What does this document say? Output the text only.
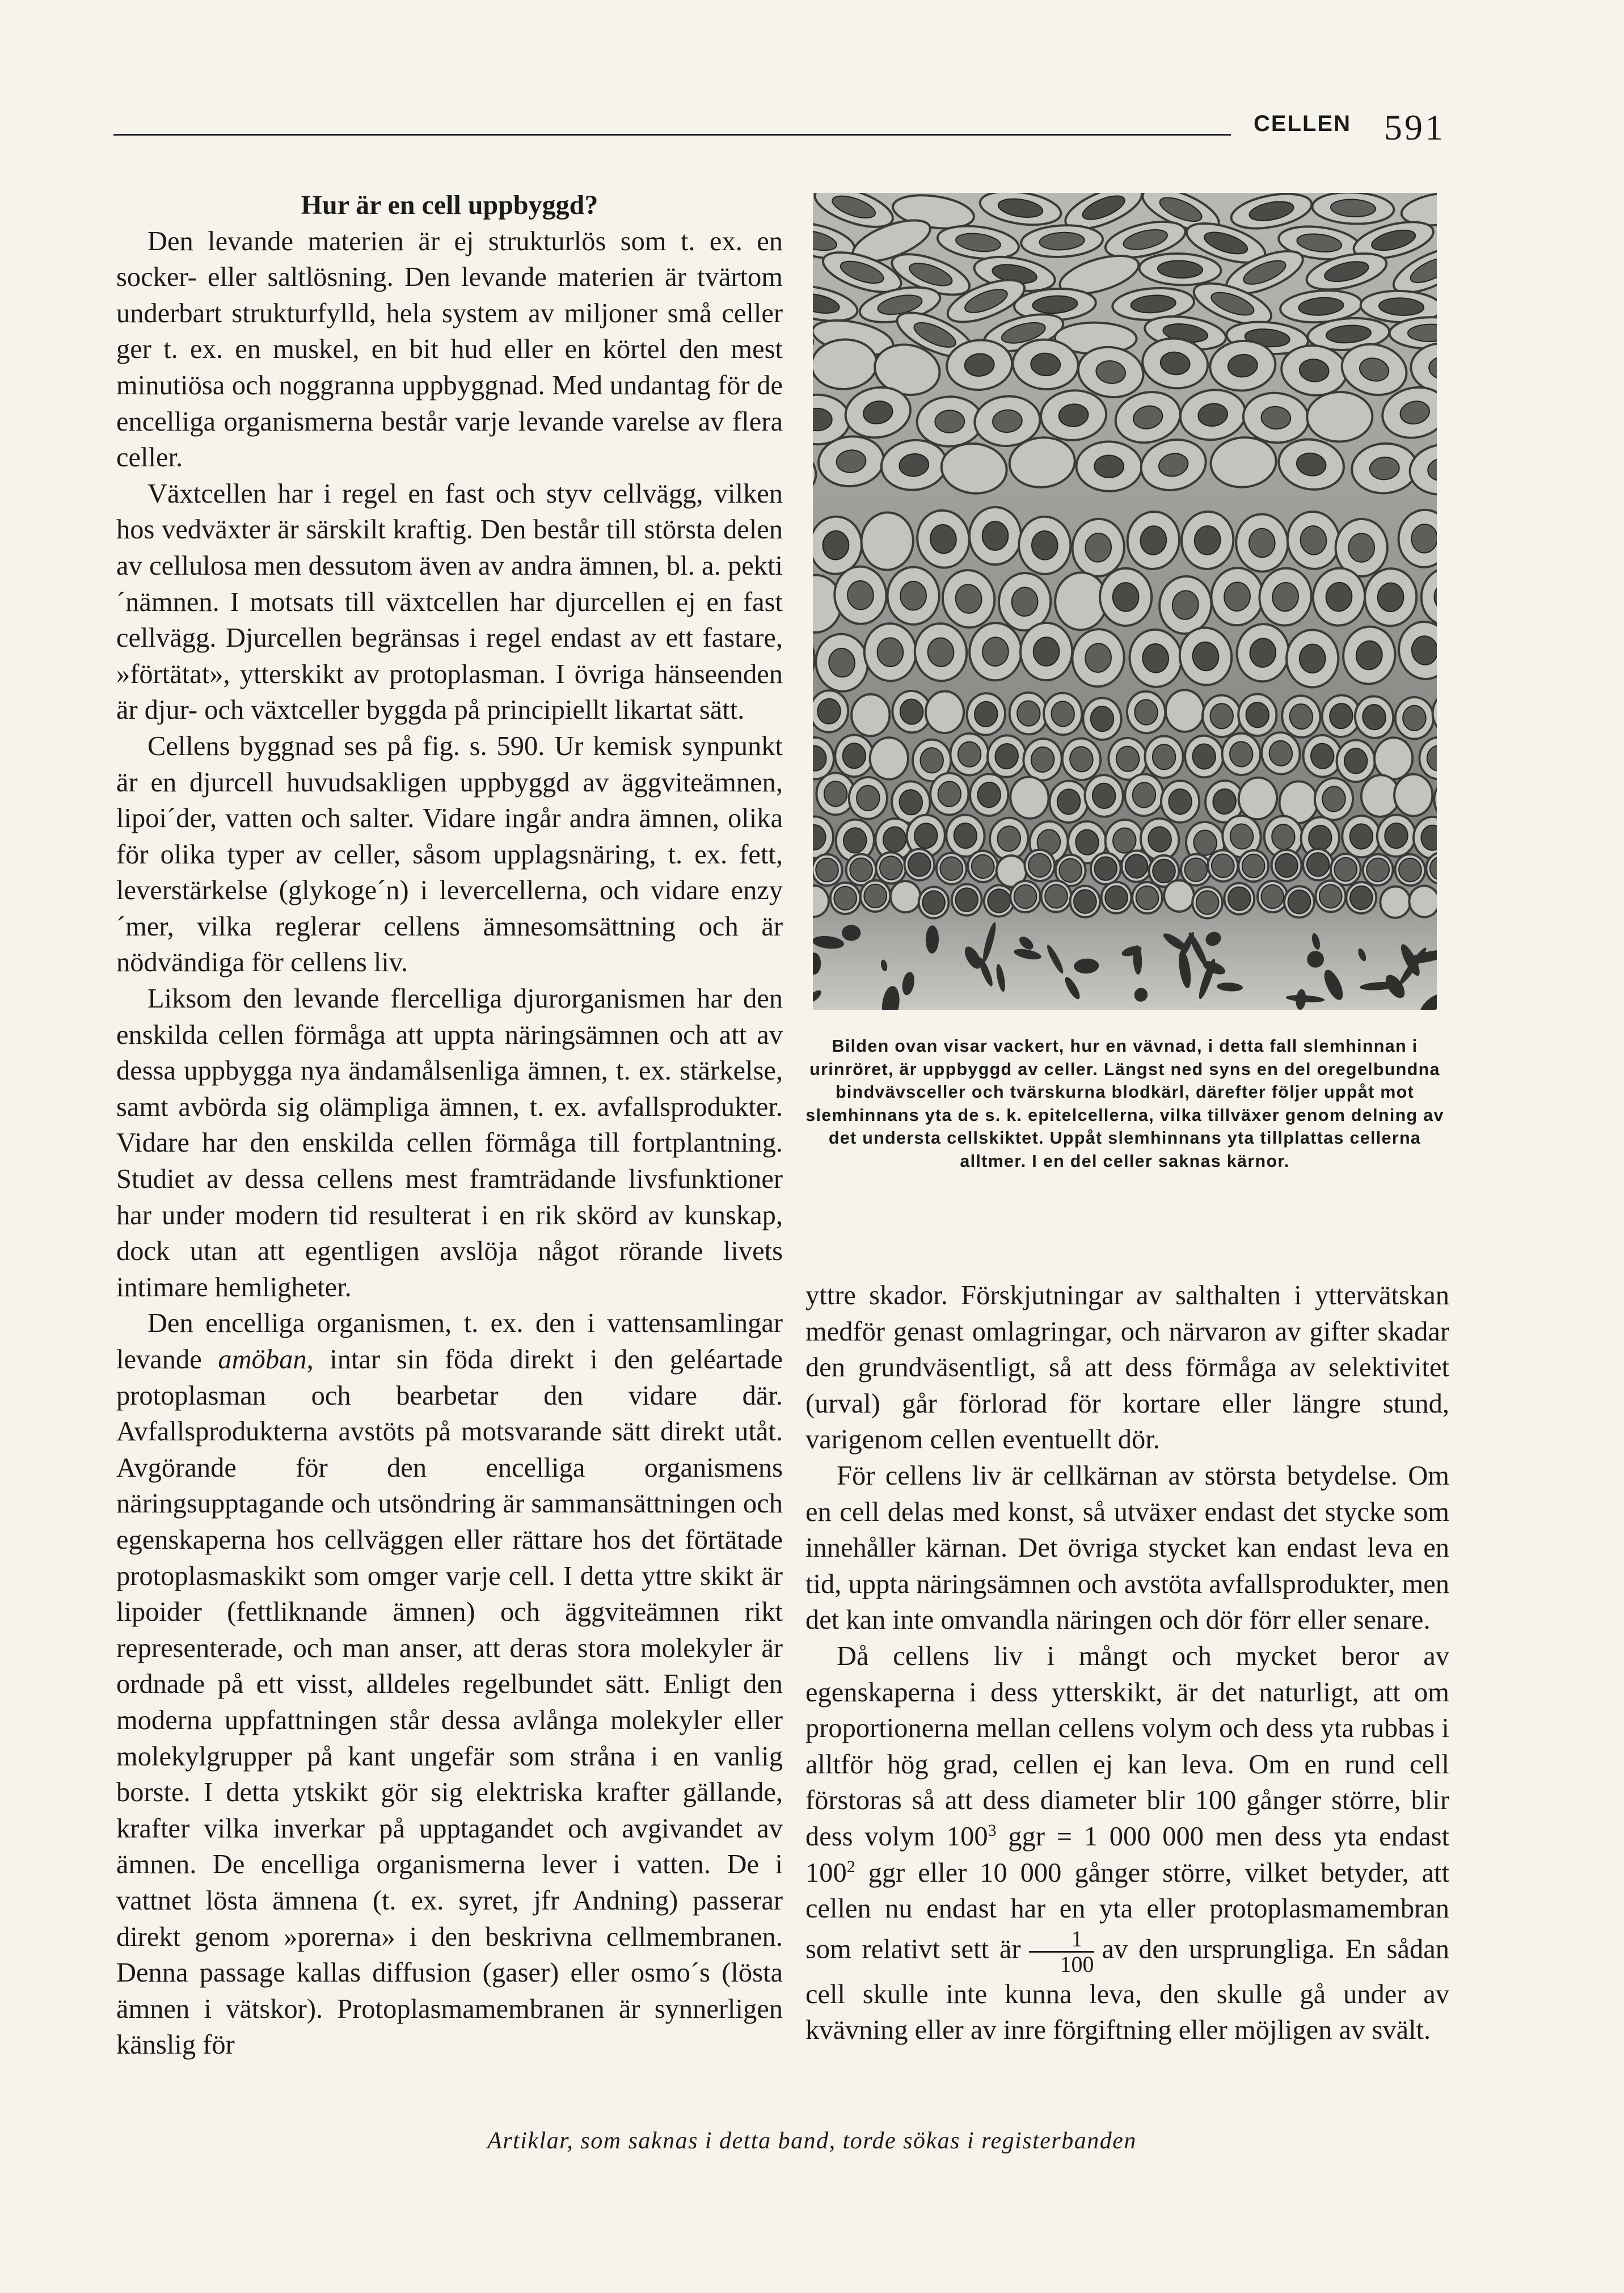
CELLEN 591
Hur är en cell uppbyggd?

Den levande materien är ej strukturlös som t. ex. en socker- eller saltlösning. Den levande materien är tvärtom underbart strukturfylld, hela system av miljoner små celler ger t. ex. en muskel, en bit hud eller en körtel den mest minutiösa och noggranna uppbyggnad. Med undantag för de encelliga organismerna består varje levande varelse av flera celler.

Växtcellen har i regel en fast och styv cellvägg, vilken hos vedväxter är särskilt kraftig. Den består till största delen av cellulosa men dessutom även av andra ämnen, bl. a. pekti´nämnen. I motsats till växtcellen har djurcellen ej en fast cellvägg. Djurcellen begränsas i regel endast av ett fastare, »förtätat», ytterskikt av protoplasman. I övriga hänseenden är djur- och växtceller byggda på principiellt likartat sätt.

Cellens byggnad ses på fig. s. 590. Ur kemisk synpunkt är en djurcell huvudsakligen uppbyggd av äggviteämnen, lipoi´der, vatten och salter. Vidare ingår andra ämnen, olika för olika typer av celler, såsom upplagsnäring, t. ex. fett, leverstärkelse (glykoge´n) i levercellerna, och vidare enzy´mer, vilka reglerar cellens ämnesomsättning och är nödvändiga för cellens liv.

Liksom den levande flercelliga djurorganismen har den enskilda cellen förmåga att uppta näringsämnen och att av dessa uppbygga nya ändamålsenliga ämnen, t. ex. stärkelse, samt avbörda sig olämpliga ämnen, t. ex. avfallsprodukter. Vidare har den enskilda cellen förmåga till fortplantning. Studiet av dessa cellens mest framträdande livsfunktioner har under modern tid resulterat i en rik skörd av kunskap, dock utan att egentligen avslöja något rörande livets intimare hemligheter.

Den encelliga organismen, t. ex. den i vattensamlingar levande amöban, intar sin föda direkt i den geléartade protoplasman och bearbetar den vidare där. Avfallsprodukterna avstöts på motsvarande sätt direkt utåt. Avgörande för den encelliga organismens näringsupptagande och utsöndring är sammansättningen och egenskaperna hos cellväggen eller rättare hos det förtätade protoplasmaskikt som omger varje cell. I detta yttre skikt är lipoider (fettliknande ämnen) och äggviteämnen rikt representerade, och man anser, att deras stora molekyler är ordnade på ett visst, alldeles regelbundet sätt. Enligt den moderna uppfattningen står dessa avlånga molekyler eller molekylgrupper på kant ungefär som stråna i en vanlig borste. I detta ytskikt gör sig elektriska krafter gällande, krafter vilka inverkar på upptagandet och avgivandet av ämnen. De encelliga organismerna lever i vatten. De i vattnet lösta ämnena (t. ex. syret, jfr Andning) passerar direkt genom »porerna» i den beskrivna cellmembranen. Denna passage kallas diffusion (gaser) eller osmo´s (lösta ämnen i vätskor). Protoplasmamembranen är synnerligen känslig för

Bilden ovan visar vackert, hur en vävnad, i detta fall slemhinnan i urinröret, är uppbyggd av celler. Längst ned syns en del oregelbundna bindvävsceller och tvärskurna blodkärl, därefter följer uppåt mot slemhinnans yta de s. k. epitelcellerna, vilka tillväxer genom delning av det understa cellskiktet. Uppåt slemhinnans yta tillplattas cellerna alltmer. I en del celler saknas kärnor.

yttre skador. Förskjutningar av salthalten i yttervätskan medför genast omlagringar, och närvaron av gifter skadar den grundväsentligt, så att dess förmåga av selektivitet (urval) går förlorad för kortare eller längre stund, varigenom cellen eventuellt dör.

För cellens liv är cellkärnan av största betydelse. Om en cell delas med konst, så utväxer endast det stycke som innehåller kärnan. Det övriga stycket kan endast leva en tid, uppta näringsämnen och avstöta avfallsprodukter, men det kan inte omvandla näringen och dör förr eller senare.

Då cellens liv i mångt och mycket beror av egenskaperna i dess ytterskikt, är det naturligt, att om proportionerna mellan cellens volym och dess yta rubbas i alltför hög grad, cellen ej kan leva. Om en rund cell förstoras så att dess diameter blir 100 gånger större, blir dess volym $100^3$ ggr = 1 000 000 men dess yta endast $100^2$ ggr eller 10 000 gånger större, vilket betyder, att cellen nu endast har en yta eller protoplasmamembran som relativt sett är $\frac{1}{100}$ av den ursprungliga. En sådan cell skulle inte kunna leva, den skulle gå under av kvävning eller av inre förgiftning eller möjligen av svält.

Artiklar, som saknas i detta band, torde sökas i registerbanden
